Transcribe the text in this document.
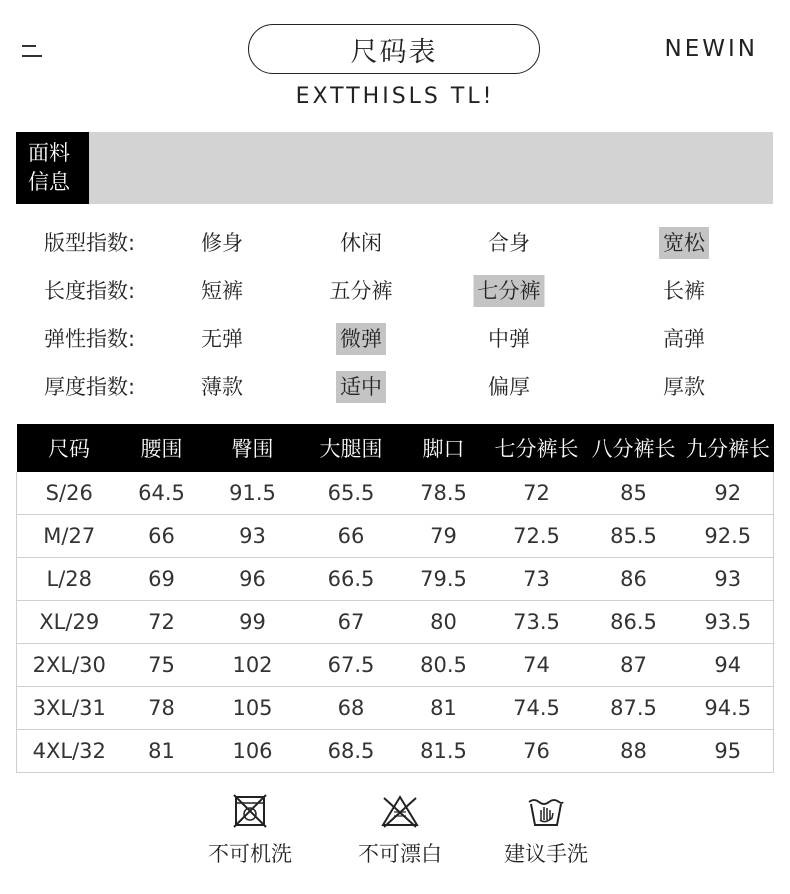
尺码表	NEWIN
EXTTHISLS TL!
面料
信息
版型指数:	修身	休闲	合身	宽松
长度指数:	短裤	五分裤	七分裤	长裤
弹性指数:	无弹	微弹	中弹	高弹
厚度指数:	薄款	适中	偏厚	厚款
尺码	腰围	臀围	大腿围	脚口	七分裤长	八分裤长	九分裤长
S/26	64.5	91.5	65.5	78.5	72	85	92
M/27	66	93	66	79	72.5	85.5	92.5
L/28	69	96	66.5	79.5	73	86	93
XL/29	72	99	67	80	73.5	86.5	93.5
2XL/30	75	102	67.5	80.5	74	87	94
3XL/31	78	105	68	81	74.5	87.5	94.5
4XL/32	81	106	68.5	81.5	76	88	95
不可机洗	不可漂白	建议手洗
